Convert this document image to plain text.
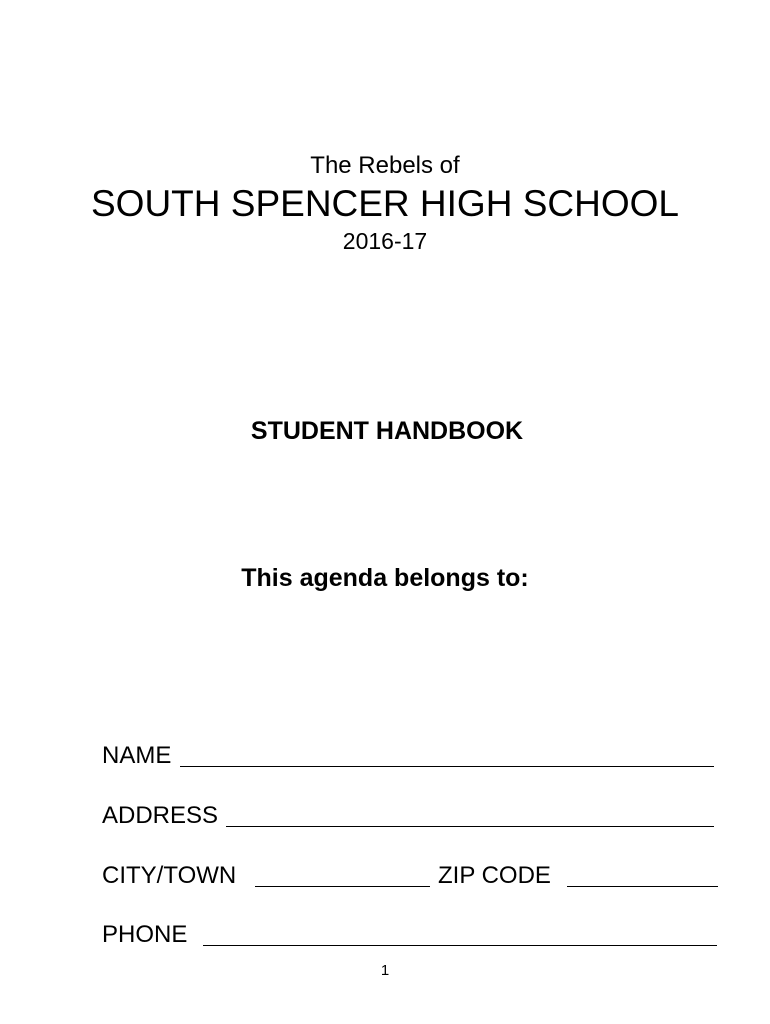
The Rebels of
SOUTH SPENCER HIGH SCHOOL
2016-17
STUDENT HANDBOOK
This agenda belongs to:
NAME
ADDRESS
CITY/TOWN	ZIP CODE
PHONE
1
